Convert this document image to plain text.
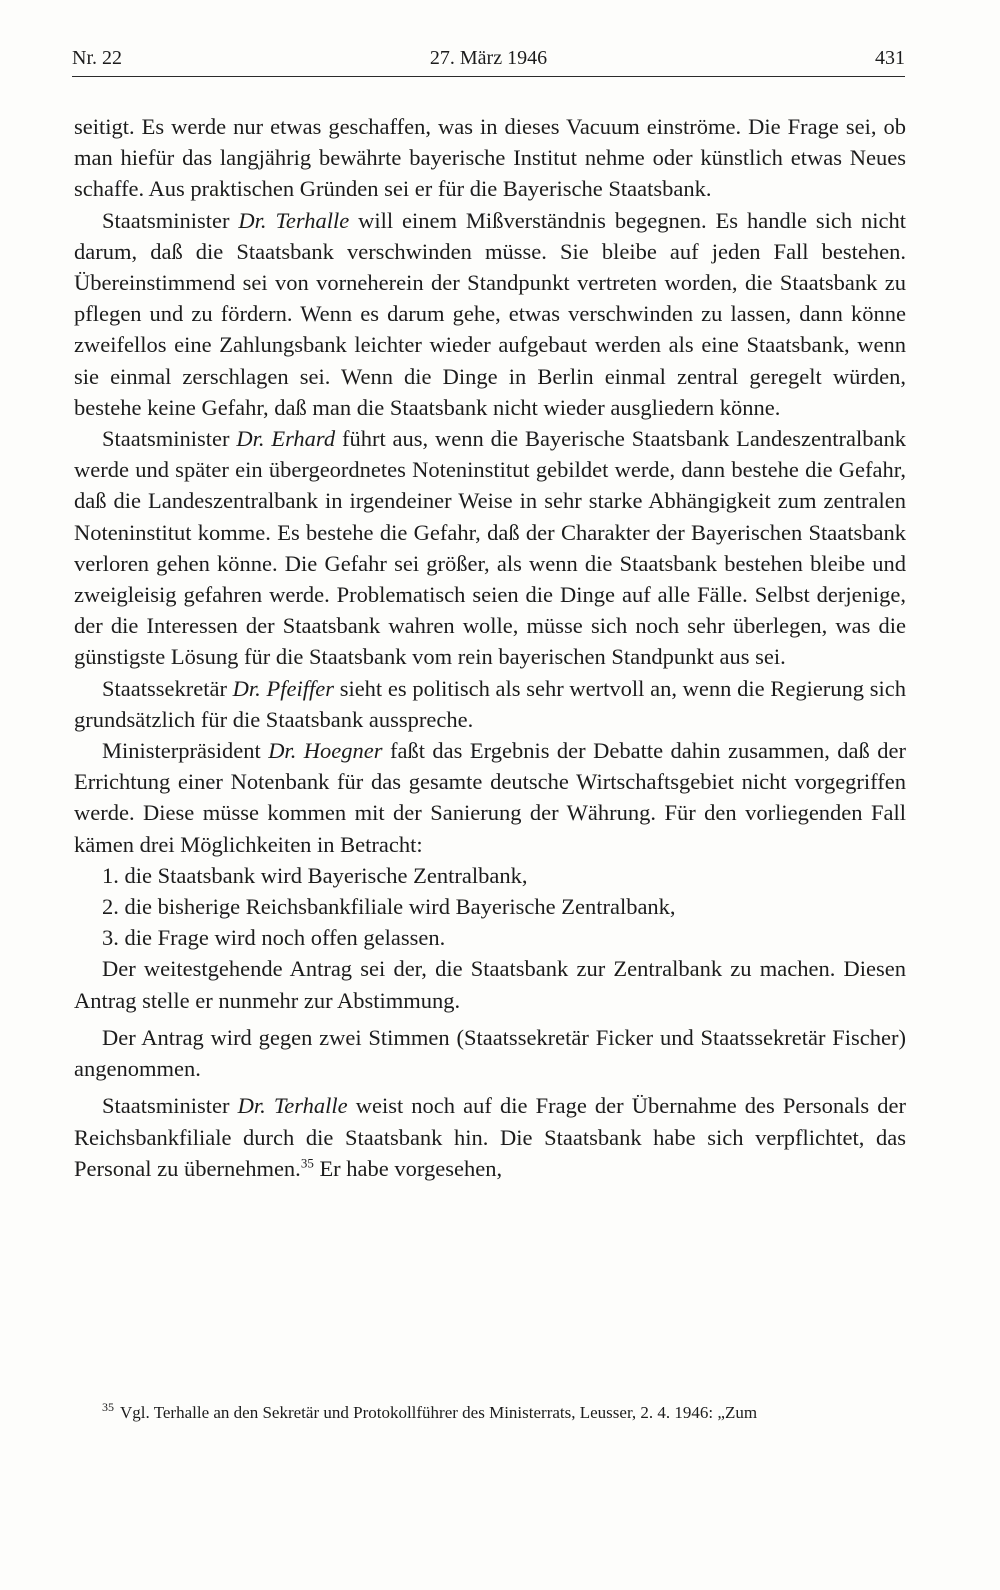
Nr. 22	27. März 1946	431

seitigt. Es werde nur etwas geschaffen, was in dieses Vacuum einströme. Die Frage sei, ob man hiefür das langjährig bewährte bayerische Institut nehme oder künstlich etwas Neues schaffe. Aus praktischen Gründen sei er für die Bayerische Staatsbank.

Staatsminister Dr. Terhalle will einem Mißverständnis begegnen. Es handle sich nicht darum, daß die Staatsbank verschwinden müsse. Sie bleibe auf jeden Fall bestehen. Übereinstimmend sei von vorneherein der Standpunkt vertreten worden, die Staatsbank zu pflegen und zu fördern. Wenn es darum gehe, etwas verschwinden zu lassen, dann könne zweifellos eine Zahlungsbank leichter wieder aufgebaut werden als eine Staatsbank, wenn sie einmal zerschlagen sei. Wenn die Dinge in Berlin einmal zentral geregelt würden, bestehe keine Gefahr, daß man die Staatsbank nicht wieder ausgliedern könne.

Staatsminister Dr. Erhard führt aus, wenn die Bayerische Staatsbank Landeszentralbank werde und später ein übergeordnetes Noteninstitut gebildet werde, dann bestehe die Gefahr, daß die Landeszentralbank in irgendeiner Weise in sehr starke Abhängigkeit zum zentralen Noteninstitut komme. Es bestehe die Gefahr, daß der Charakter der Bayerischen Staatsbank verloren gehen könne. Die Gefahr sei größer, als wenn die Staatsbank bestehen bleibe und zweigleisig gefahren werde. Problematisch seien die Dinge auf alle Fälle. Selbst derjenige, der die Interessen der Staatsbank wahren wolle, müsse sich noch sehr überlegen, was die günstigste Lösung für die Staatsbank vom rein bayerischen Standpunkt aus sei.

Staatssekretär Dr. Pfeiffer sieht es politisch als sehr wertvoll an, wenn die Regierung sich grundsätzlich für die Staatsbank ausspreche.

Ministerpräsident Dr. Hoegner faßt das Ergebnis der Debatte dahin zusammen, daß der Errichtung einer Notenbank für das gesamte deutsche Wirtschaftsgebiet nicht vorgegriffen werde. Diese müsse kommen mit der Sanierung der Währung. Für den vorliegenden Fall kämen drei Möglichkeiten in Betracht:

1. die Staatsbank wird Bayerische Zentralbank,

2. die bisherige Reichsbankfiliale wird Bayerische Zentralbank,

3. die Frage wird noch offen gelassen.

Der weitestgehende Antrag sei der, die Staatsbank zur Zentralbank zu machen. Diesen Antrag stelle er nunmehr zur Abstimmung.

Der Antrag wird gegen zwei Stimmen (Staatssekretär Ficker und Staatssekretär Fischer) angenommen.

Staatsminister Dr. Terhalle weist noch auf die Frage der Übernahme des Personals der Reichsbankfiliale durch die Staatsbank hin. Die Staatsbank habe sich verpflichtet, das Personal zu übernehmen.$^{35}$ Er habe vorgesehen,

$^{35}$ Vgl. Terhalle an den Sekretär und Protokollführer des Ministerrats, Leusser, 2. 4. 1946: „Zum
